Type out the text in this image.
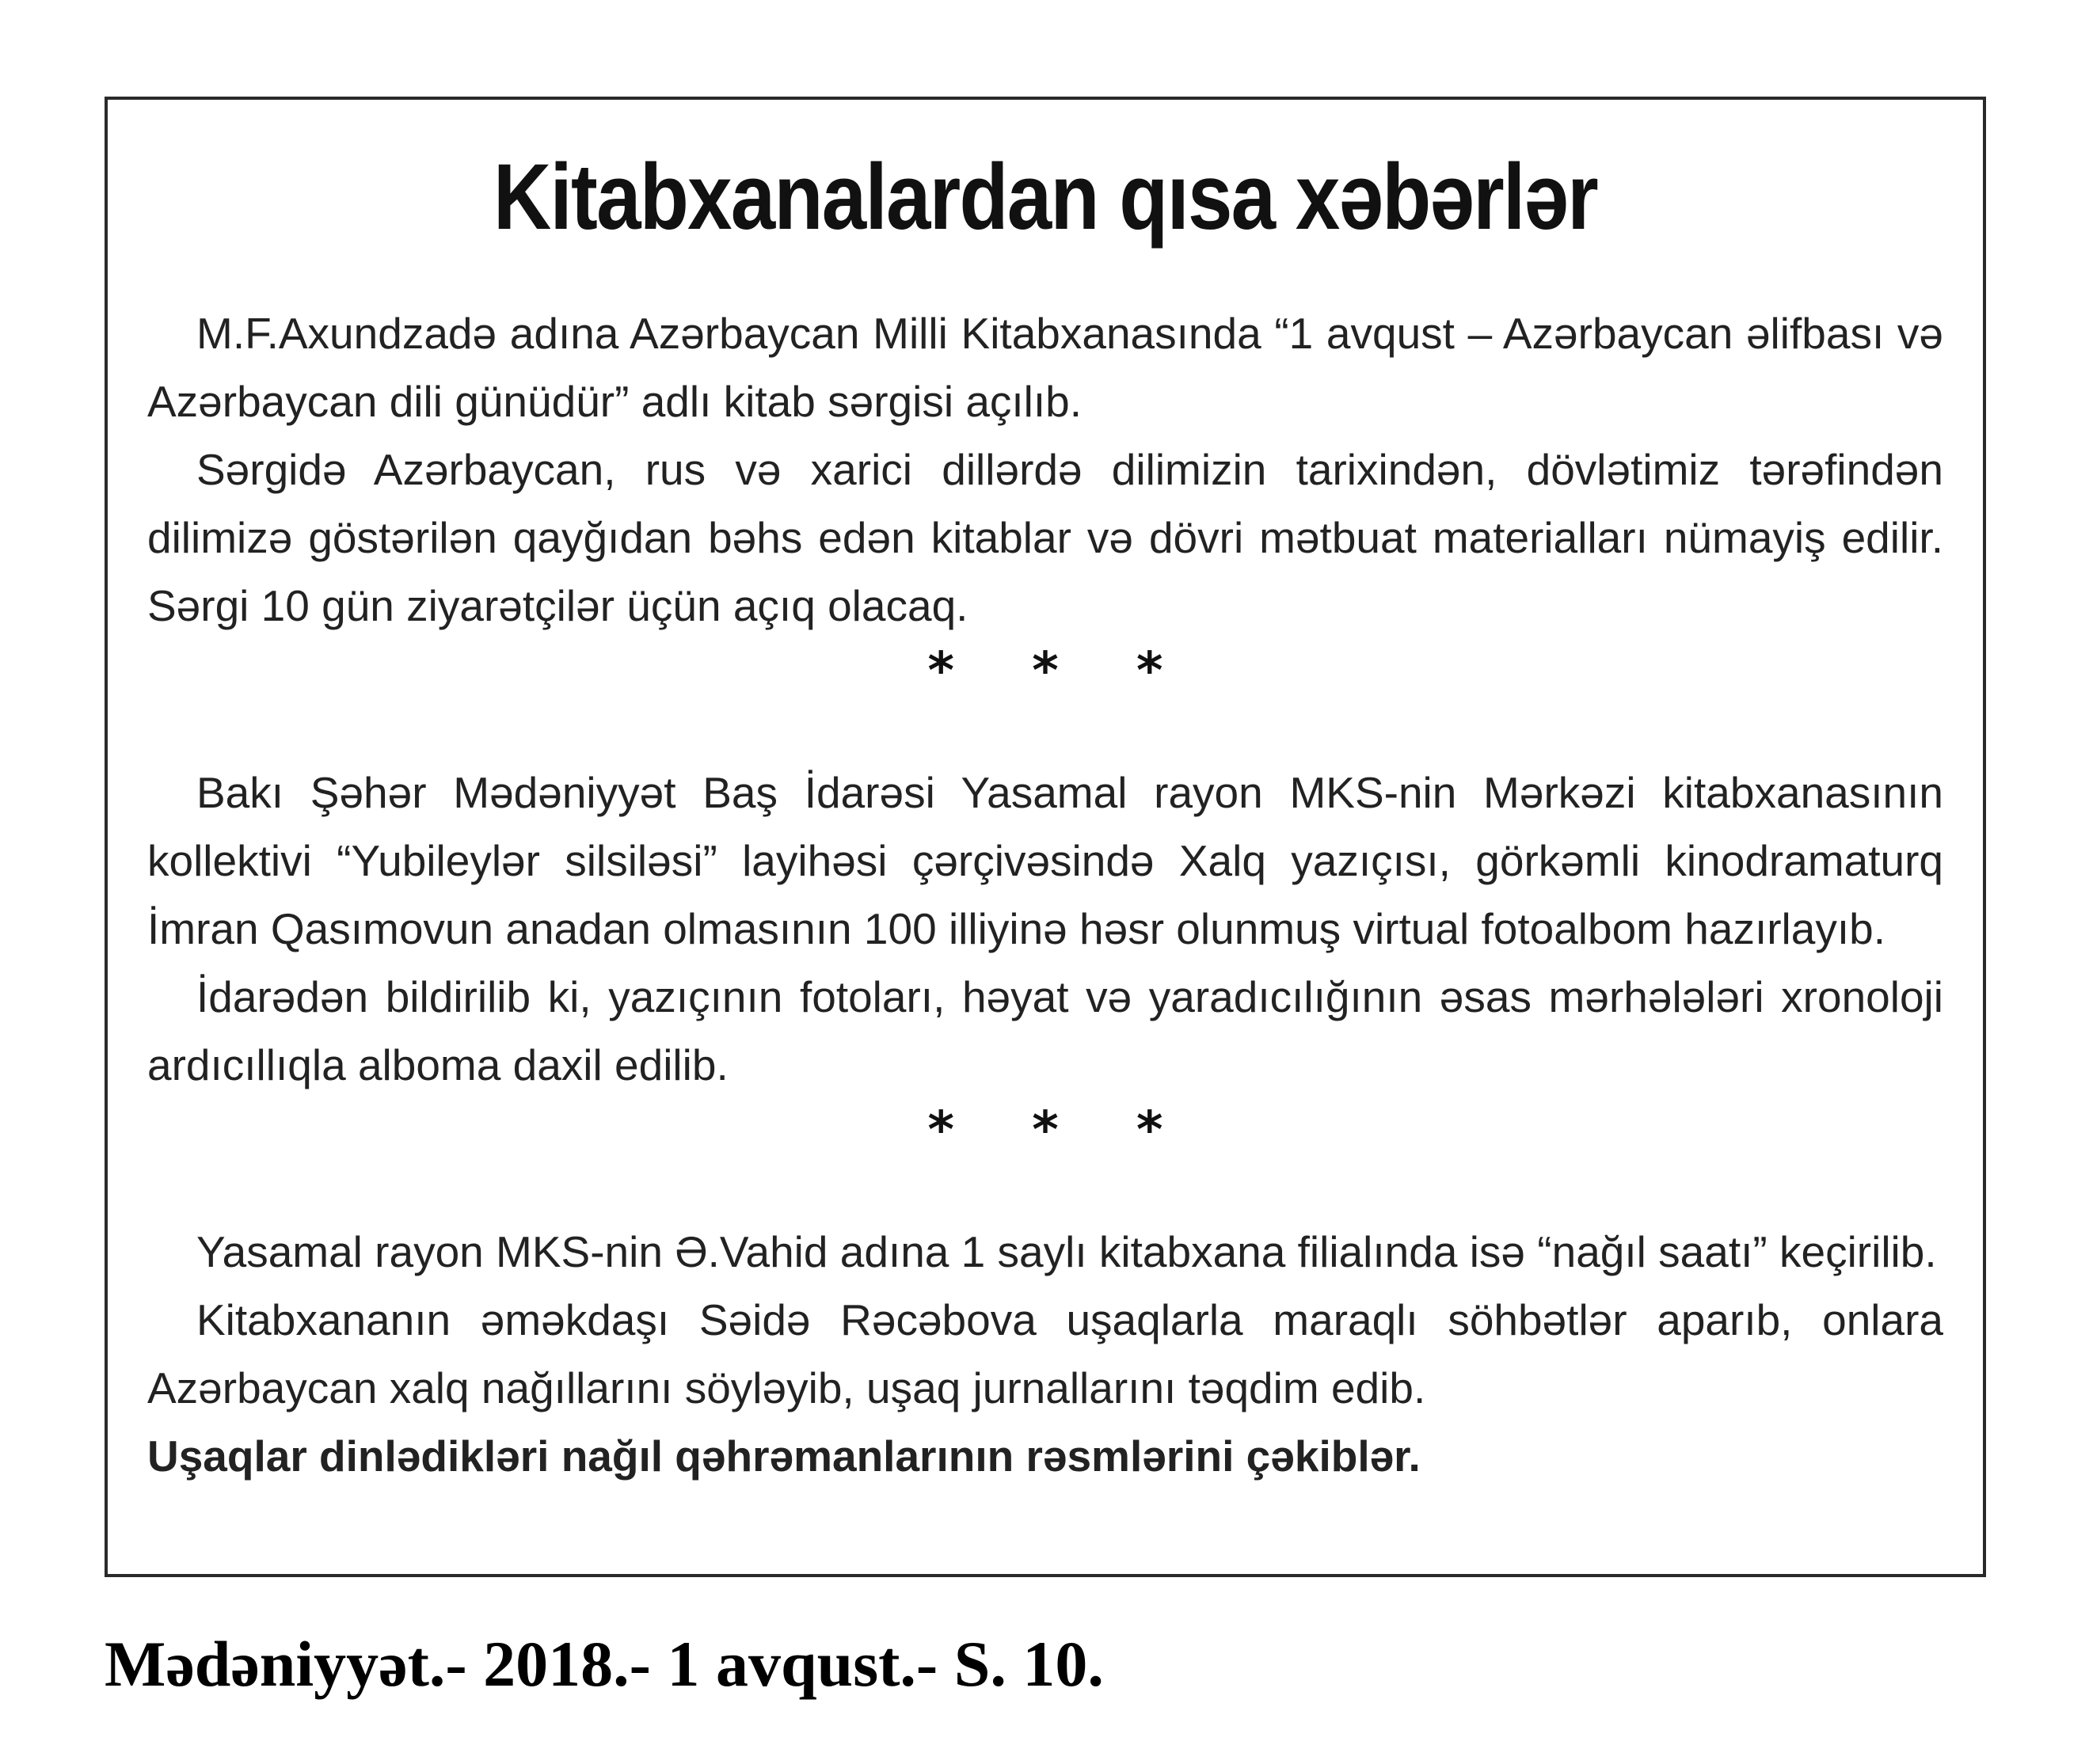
Kitabxanalardan qısa xəbərlər

M.F.Axundzadə adına Azərbaycan Milli Kitabxanasında “1 avqust – Azərbaycan əlifbası və Azərbaycan dili günüdür” adlı kitab sərgisi açılıb.

Sərgidə Azərbaycan, rus və xarici dillərdə dilimizin tarixindən, dövlətimiz tərəfindən dilimizə göstərilən qayğıdan bəhs edən kitablar və dövri mətbuat materialları nümayiş edilir. Sərgi 10 gün ziyarətçilər üçün açıq olacaq.

* * *

Bakı Şəhər Mədəniyyət Baş İdarəsi Yasamal rayon MKS-nin Mərkəzi kitabxanasının kollektivi “Yubileylər silsiləsi” layihəsi çərçivəsində Xalq yazıçısı, görkəmli kinodramaturq İmran Qasımovun anadan olmasının 100 illiyinə həsr olunmuş virtual fotoalbom hazırlayıb.

İdarədən bildirilib ki, yazıçının fotoları, həyat və yaradıcılığının əsas mərhələləri xronoloji ardıcıllıqla alboma daxil edilib.

* * *

Yasamal rayon MKS-nin Ə.Vahid adına 1 saylı kitabxana filialında isə “nağıl saatı” keçirilib.

Kitabxananın əməkdaşı Səidə Rəcəbova uşaqlarla maraqlı söhbətlər aparıb, onlara Azərbaycan xalq nağıllarını söyləyib, uşaq jurnallarını təqdim edib.

Uşaqlar dinlədikləri nağıl qəhrəmanlarının rəsmlərini çəkiblər.

Mədəniyyət.- 2018.- 1 avqust.- S. 10.
